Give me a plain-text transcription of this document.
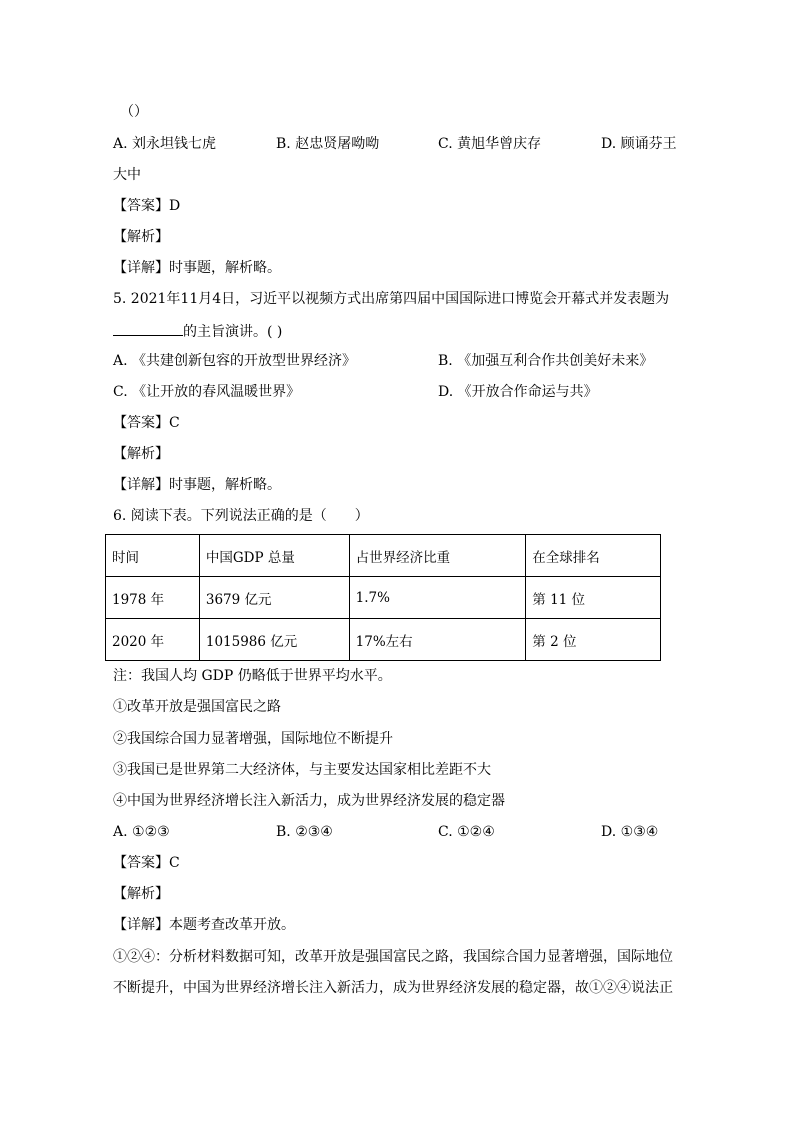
（）
A. 刘永坦钱七虎	B. 赵忠贤屠呦呦	C. 黄旭华曾庆存	D. 顾诵芬王
大中
【答案】D
【解析】
【详解】时事题，解析略。
5. 2021年11月4日，习近平以视频方式出席第四届中国国际进口博览会开幕式并发表题为
的主旨演讲。( )
A. 《共建创新包容的开放型世界经济》	B. 《加强互利合作共创美好未来》
C. 《让开放的春风温暖世界》	D. 《开放合作命运与共》
【答案】C
【解析】
【详解】时事题，解析略。
6. 阅读下表。下列说法正确的是（　　）
时间	中国GDP 总量	占世界经济比重	在全球排名
1978 年	3679 亿元	1.7%	第 11 位
2020 年	1015986 亿元	17%左右	第 2 位
注：我国人均 GDP 仍略低于世界平均水平。
①改革开放是强国富民之路
②我国综合国力显著增强，国际地位不断提升
③我国已是世界第二大经济体，与主要发达国家相比差距不大
④中国为世界经济增长注入新活力，成为世界经济发展的稳定器
A. ①②③	B. ②③④	C. ①②④	D. ①③④
【答案】C
【解析】
【详解】本题考查改革开放。
①②④：分析材料数据可知，改革开放是强国富民之路，我国综合国力显著增强，国际地位
不断提升，中国为世界经济增长注入新活力，成为世界经济发展的稳定器，故①②④说法正
